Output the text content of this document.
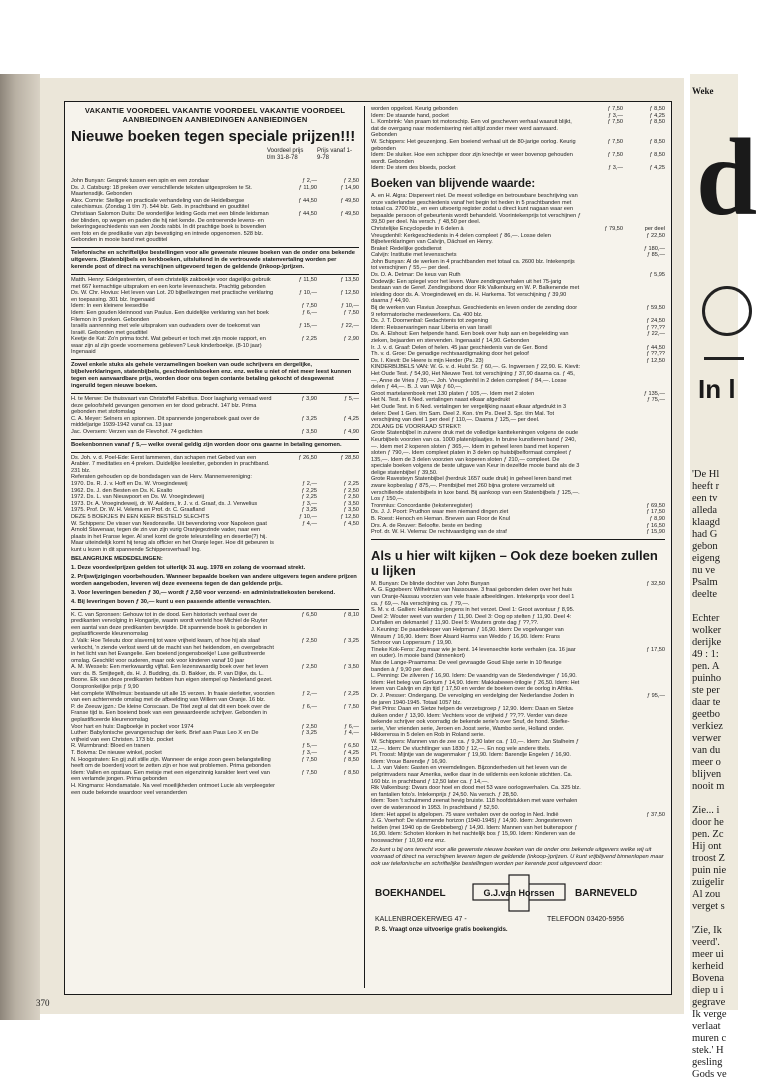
Weke
d
In l
'De Hl
heeft r
een tv
alleda
klaagd
had G
gebon
eigeng
nu ve
Psalm
deelte
Echter
wolker
derijke
49 : 1:
pen. A
puinho
ste per
daar te
geetbo
verkiez
verwer
van du
meer o
blijven
nooit m
Zie... i
door he
pen. Zc
Hij ont
troost Z
puin nie
zuigelir
Al zou
verget s
'Zie, Ik
veerd'.
meer ui
kerheid
Bovena
diep u i
gegrave
Ik verge
verlaat
muren c
stek.' H
gesling
Gods ve
VAKANTIE VOORDEEL VAKANTIE VOORDEEL VAKANTIE VOORDEEL
AANBIEDINGEN AANBIEDINGEN AANBIEDINGEN
Nieuwe boeken tegen speciale prijzen!!!
Voordeel prijs t/m 31-8-78
Prijs vanaf 1-9-78
John Bunyan: Gesprek tussen een spin en een zondaar	ƒ 2,—	ƒ 2,50
Ds. J. Catsburg: 18 preken over verschillende teksten uitgesproken te St. Maartensdijk. Gebonden
ƒ 11,90	ƒ 14,90
Alex. Comrie: Stellige en practicale verhandeling van de Heidelbergse catechismus. (Zondag 1 t/m 7). 544 blz. Geb. in prachtband en goudtitel
ƒ 44,50	ƒ 49,50
Christiaan Salomon Duits: De wonderlijke leiding Gods met een blinde leidsman der blinden, op wegen en paden die hij niet kende. De ontroerende levens- en bekeringsgeschiedenis van een Joods rabbi. In dit prachtige boek is bovendien een foto en de predikatie van zijn bevestiging en intrede opgenomen. 528 blz. Gebonden in mooie band met goudtitel
ƒ 44,50	ƒ 49,50
Telefonische en schriftelijke bestellingen voor alle gewenste nieuwe boeken van de onder ons bekende uitgevers. (Statenbijbels en kerkboeken, uitsluitend in de vertrouwde statenvertaling worden per kerende post of direct na verschijnen uitgevoerd tegen de geldende (inkoop-)prijzen.
Matth. Henry: Edelgesteenten, of een christelijk zakboekje voor dagelijks gebruik met 667 kernachtige uitspraken en een korte levensschets. Prachtig gebonden
ƒ 11,50	ƒ 13,50
Ds. W. Chr. Hovius: Het leven van Lot. 20 bijbellezingen met practische verklaring en toepassing. 301 blz. Ingenaaid
ƒ 10,—	ƒ 12,50
Idem: In een kleinere leeseditie	ƒ 7,50	ƒ 10,—
Idem: Een gouden kleinnood van Paulus. Een duidelijke verklaring van het boek Filemon in 9 preken. Gebonden
ƒ 6,—	ƒ 7,50
Israëls aanrenning met vele uitspraken van oudvaders over de toekomst van Israël. Gebonden met goudtitel
ƒ 15,—	ƒ 22,—
Keetje de Kat: Zo'n prima tocht. Wat gebeurt er toch met zijn mooie rapport, en waar zijn al zijn goede voornemens gebleven? Leuk kinderboekje. (8-10 jaar) Ingenaaid
ƒ 2,25	ƒ 2,90
Zowel enkele stuks als gehele verzamelingen boeken van oude schrijvers en dergelijke, bijbelverklaringen, statenbijbels, geschiedenisboeken enz. enz. welke u niet of niet meer leest kunnen tegen een aanvaardbare prijs, worden door ons tegen contante betaling gekocht of desgewenst ingeruild tegen nieuwe boeken.
H. te Merwe: De thuisvaart van Christoffel Fabritius. Door laagharig verraad werd deze geloofsheld gevangen genomen en ter dood gebracht. 147 blz. Prima gebonden met stofomslag
ƒ 3,90	ƒ 5,—
C. A. Meyer: Selners en spionnen. Dit spannende jongensboek gaat over de middeljarige 1939-1942 vanaf ca. 13 jaar
ƒ 3,25	ƒ 4,25
Jac. Oversem: Verzen van de Flevohof. 74 gedichten	ƒ 3,50	ƒ 4,90
Boekenbonnen vanaf ƒ 5,— welke overal geldig zijn worden door ons gaarne in betaling genomen.
Ds. Joh. v. d. Poel-Ede: Eerst lammeren, dan schapen met Gebed van een Arabier. 7 meditaties en 4 preken. Duidelijke leesletter, gebonden in prachtband. 231 blz.
ƒ 26,50	ƒ 28,50
Referaten gehouden op de bondsdagen van de Herv. Mannenvereniging:
1970. Ds. R. J. v. Hoff en Ds. W. Vroegindeweij	ƒ 2,—	ƒ 2,25
1962. Ds. J. den Besten en Ds. K. Exalto	ƒ 2,25	ƒ 2,50
1972. Ds. L. van Nieuwpoort en Ds. W. Vroegindeweij	ƒ 2,25	ƒ 2,50
1973. Dr. A. Vroegindeweij, dr. W. Aalders, Ir. J. v. d. Graaf, ds. J. Verwelius	ƒ 3,—	ƒ 3,50
1975. Prof. Dr. W. H. Velema en Prof. dr. C. Graafland	ƒ 3,25	ƒ 3,50
DEZE 5 BOEKJES IN EEN KEER BESTELD SLECHTS	ƒ 10,—	ƒ 12,50
W. Schippers: De visser van Nesdonsville. Uit bevendoring voor Napoleon gaat Arnold Stavenaar, tegen de zin van zijn vurig Oranjegezinde vader, naar een plaats in het Franse leger. Al snel komt de grote teleurstelling en desertie(?) hij. Maar uiteindelijk komt hij terug als officier en het Oranje leger. Hoe dit gebeuren is kunt u lezen in dit spannende Schippersverhaal! Ing.
ƒ 4,—	ƒ 4,50
BELANGRIJKE MEDEDELINGEN:
1. Deze voordeelprijzen gelden tot uiterlijk 31 aug. 1978 en zolang de voorraad strekt.
2. Prijswijzigingen voorbehouden. Wanneer bepaalde boeken van andere uitgevers tegen andere prijzen worden aangeboden, leveren wij deze eveneens tegen de dan geldende prijs.
3. Voor leveringen beneden ƒ 30,— wordt ƒ 2,50 voor verzend- en administratiekosten berekend.
4. Bij leveringen boven ƒ 30,— kunt u een passende attentie verwachten.
K. C. van Spronsen: Gehouw tot in de dood. Een historisch verhaal over de predikanten vervolging in Hongarije, waarin wordt verteld hoe Michiel de Ruyter een aantal van deze predikanten bevrijdde. Dit spannende boek is gebonden in geplastificeerde kleurenomslag
ƒ 6,50	ƒ 8,10
J. Valk: Hoe Teleutu door slavernij tot ware vrijheid kwam, of hoe hij als slaaf verkocht, 'n ziende verlost werd uit de macht van het heidendom, en overgebracht in het licht van het Evangelie. Een boeiend jongensboekje! Luxe geïllustreerde omslag. Geschikt voor ouderen, maar ook voor kinderen vanaf 10 jaar
ƒ 2,50	ƒ 3,25
A. M. Wessels: Een merkwaardig vijftal. Een lezenswaardig boek over het leven van: ds. B. Smijtegelt, ds. H. J. Budding, ds. D. Bakker, ds. P. van Dijke, ds. L. Boone. Elk van deze predikanten hebben hun eigen stempel op Nederland gezet. Oorspronkelijke prijs ƒ 9,90
ƒ 2,50	ƒ 3,50
Het complete Wilhelmus: bestaande uit alle 15 verzen. In fraaie sierletter, voorzien van een achterrende omslag met de afbeelding van Willem van Oranje. 16 blz.
ƒ 2,—	ƒ 2,25
P. de Zeeuw jgzn.: De kleine Conscaan. De Titel zegt al dat dit een boek over de Franse tijd is. Een boeiend boek van een gewaardeerde schrijver. Gebonden in geplastificeerde kleurenomslag
ƒ 6,—	ƒ 7,50
Voor hart en huis: Dagboekje in pocket voor 1974	ƒ 2,50	ƒ 6,—
Luther: Babylonische gevangenschap der kerk. Brief aan Paus Leo X en De vrijheid van een Christen. 173 blz. pocket
ƒ 3,25	ƒ 4,—
R. Wurmbrand: Bloed en tranen	ƒ 5,—	ƒ 6,50
T. Boivma: De nieuwe winkel, pocket	ƒ 3,—	ƒ 4,25
N. Hoogstraten: En gij zult stille zijn. Wanneer de enige zoon geen belangstelling heeft om de boerderij voort te zetten zijn er hoe wat problemen. Prima gebonden
ƒ 7,50	ƒ 8,50
Idem: Vallen en opstaan. Een meisje met een eigenzinnig karakter leert veel van een verlamde jongen. Prima gebonden
ƒ 7,50	ƒ 8,50
H. Kingmans: Hondamatale. Na veel moeilijkheden ontmoet Lucie als verpleegster een oude bekende waardoor veel veranderden
worden opgelost. Keurig gebonden	ƒ 7,50	ƒ 8,50
Idem: De staande hand, pocket	ƒ 3,—	ƒ 4,25
L. Kombrink: Van praam tot motorschip. Een vol gescheven verhaal waaruit blijkt, dat de overgang naar modernisering niet altijd zonder meer werd aanvaard. Gebonden
ƒ 7,50	ƒ 8,50
W. Schippers: Het geuzenjong. Een boeiend verhaal uit de 80-jarige oorlog. Keurig gebonden
ƒ 7,50	ƒ 8,50
Idem: De sluiker. Hoe een schipper door zijn knechtje er weer bovenop gehouden wordt. Gebonden
ƒ 7,50	ƒ 8,50
Idem: De stem des bloeds, pocket	ƒ 3,—	ƒ 4,25
Boeken van blijvende waarde:
A. en H. Algra: Dispereert niet. De meest volledige en betrouwbare beschrijving van onze vaderlandse geschiedenis vanaf het begin tot heden in 5 prachtbanden met totaal ca. 2700 blz., en een uitvoerig register zodat u direct kunt nagaan waar een bepaalde persoon of gebeurtenis wordt behandeld. Voorintekenprijs tot verschijnen ƒ 39,50 per deel. Na versch. ƒ 48,50 per deel.
Christelijke Encyclopedie in 6 delen à	ƒ 79,50	per deel
Vreugdenhil: Kerkgeschiedenis in 4 delen compleet ƒ 86,—. Losse delen	ƒ 22,50
Bijbelverklaringen van Calvijn, Dächsel en Henry.
Brakel: Redelijke godsdienst	ƒ 180,—
Calvijn: Institutie met levensschets	ƒ 85,—
John Bunyan: Al de werken in 4 prachtbanden met totaal ca. 2600 blz. Intekenprijs tot verschijnen ƒ 55,— per deel.
Ds. D. A. Detmar: De keus van Ruth	ƒ 5,95
Dodewijk: Een spiegel voor het leven. Ware zendingsverhalen uit het 75-jarig bestaan van de Geref. Zendingsbond door Rik Valkenburg en W. P. Balkenende met inleiding door ds. A. Vroegindeweij en ds. H. Harkema. Tot verschijning ƒ 39,90 daarna ƒ 44,90.
Bij de werken van Flavius Josephus. Geschiedenis en leven onder de zending door 9 reformatorische medewerkers. Ca. 400 blz.
ƒ 59,50
Ds. J. T. Doornenbal: Gedachtenis tot zegening	ƒ 24,50
Idem: Reisservaringen naar Liberia en van Israël	ƒ ??,??
Ds. A. Elshout: Een helpende hand. Een boek over hulp aan en begeleiding van zieken, bejaarden en stervenden. Ingenaaid ƒ 14,90. Gebonden
ƒ 22,—
Ir. J. v. d. Graaf: Delen of helen. 45 jaar geschiedenis van de Ger. Bond	ƒ 44,50
Th. v. d. Groe: De genadige rechtvaardigmaking door het geloof	ƒ ??,??
Ds. I. Kievit: De Heere is mijn Herder (Ps. 23)	ƒ 12,50
KINDERBIJBELS VAN: W. G. v. d. Hulst Sr. ƒ 60,—. G. Ingwersen ƒ 22,90. E. Kievit: Het Oude Test. ƒ 54,90, Het Nieuwe Test. tot verschijning ƒ 37,90 daarna ca. ƒ 45,—, Anne de Vries ƒ 39,—. Joh. Vreugdenhil in 2 delen compleet ƒ 84,—. Losse delen ƒ 44,—. B. J. van Wijk ƒ 60,—.
Groot martelarenboek met 130 platen ƒ 105,—. Idem met 2 sloten	ƒ 135,—
Het N. Test. in 6 Ned. vertalingen naast elkaar afgedrukt	ƒ 75,—
Het Oude Test. in 6 Ned. vertalingen ter vergelijking naast elkaar afgedrukt in 3 delen: Deel 1 Gen. t/m Sam. Deel 2. Kon. t/m Ps. Deel 3. Spr. t/m Mal. Tot verschijning van deel 1 per deel ƒ 110,—. Daarna ƒ 125,— per deel.
ZOLANG DE VOORRAAD STREKT:
Grote Statenbijbel in zuivere druk met de volledige kanttekeningen volgens de oude Keurbijbels voorzien van ca. 1000 platen/plaatjes. In bruine kunstleren band ƒ 240,—. Idem met 2 koperen sloten ƒ 365,—. Idem in geheel leren band met koperen sloten ƒ 790,—. Idem compleet platen in 3 delen op huisbijbelformaat compleet ƒ 135,—. Idem de 3 delen voorzien van koperen sloten ƒ 210,— compleet. De speciale boeken volgens de beste uitgave van Keur in dezelfde mooie band als de 3 delige statenbijbel ƒ 39,50.
Grote Ravesteyn Statenbijbel (herdruk 1657 oude druk) in geheel leren band met zware kopbeslag ƒ 875,—. Prentbijbel met 260 bijna grotere verzameld uit verschillende statenbijbels in luxe band. Bij aankoop van een Statenbijbels ƒ 125,—. Los ƒ 150,—.
Tronmius: Concordantie (tekstenregister)	ƒ 69,50
Ds. J. J. Poort: Prudhon waar men niemand dingen ziet	ƒ 17,50
B. Roest: Henoch en Heman. Bneven aan Floor de Knul	ƒ 8,90
Drs. A. de Reuver: Beloofte. beste en beding	ƒ 16,50
Prof. dr. W. H. Velema: De rechtvaardiging van de straf	ƒ 15,90
Als u hier wilt kijken – Ook deze boeken zullen u lijken
M. Bunyan: De blinde dochter van John Bunyan	ƒ 32,50
A. G. Eggebeen: Wilhelmus van Nassouwe. 3 fraai gebonden delen over het huis van Oranje-Nassau voorzien van vele fraaie afbeeldingen. Intekenprijs voor deel 1 ca. ƒ 69,—. Na verschijning ca. ƒ 79,—.
S. M. v. d. Gallien: Hollandse jongens in het verzet. Deel 1: Groot avontuur ƒ 8,95. Deel 2: Wouter weet van warden ƒ 11,90. Deel 3: Oog op stelten ƒ 11,90. Deel 4: Durfallen en dekmantel ƒ 11,90. Deel 5: Wouters grote dag ƒ ??,??.
J. Keuning: De paardekoper van Helpman ƒ 16,90. Idem: De vogelvanger van Winsum ƒ 16,90. Idem: Boer Alsard Harms van Weddo ƒ 16,90. Idem: Frans Schroor van Loppersum ƒ 19,90.
Tineke Kok-Fens: Zeg maar wie je bent. 14 levensechte korte verhalen (ca. 16 jaar en ouder). In mooie band (binnenkort)
ƒ 17,50
Max de Lange-Praamsma: De veel gevraagde Goud Elsje serie in 10 fleurige banden à ƒ 9,90 per deel.
L. Penning: De zilveren ƒ 16,90. Idem: De vaandrig van de Stedendwinger ƒ 16,90. Idem: Het beleg van Gorkum ƒ 14,90. Idem: Makkabeeen-trilogie ƒ 26,50. Idem: Het leven van Calvijn en zijn tijd ƒ 17,50 en verder de boeken over de oorlog in Afrika.
Dr. J. Presser: Ondergang. De vervolging en verdelging der Nederlandse Joden in de jaren 1940-1945. Totaal 1057 blz.
ƒ 95,—
Piet Prins: Daan en Sietze helpen de verzetsgroep ƒ 12,90. Idem: Daan en Sietze duiken onder ƒ 13,90. Idem: Vechters voor de vrijheid ƒ ??,??. Verder van deze bekende schrijver ook voorradig de bekende serie's over Snuf, de hond. Stiefke-serie, Vier vrienden serie, Jeroen en Joost serie, Wambo serie, Holland onder. Hikkerensa in 5 delen en Rob in Roland serie.
W. Schippers: Mannen van de zee ca. ƒ 9,30 later ca. ƒ 10,—. Idem: Jan Stalheim ƒ 12,—. Idem: De vluchtlinger van 1830 ƒ 12,—. En nog vele andere titels.
Pl. Troost: Mijntje van de wagenmaker ƒ 19,90. Idem: Barendje Engelen ƒ 16,90. Idem: Vroue Barendje ƒ 16,90.
L. J. van Valen: Gasten en vreemdelingen. Bijzonderheden uit het leven van de pelgrimvaders naar Amerika, welke daar in de wildernis een kolonie stichtten. Ca. 160 blz. in prachtband ƒ 12,50 later ca. ƒ 14,—.
Rik Valkenburg: Dwars door hoel en dood met 53 ware oorlogsverhalen. Ca. 325 blz. en fantalien foto's. Intekenprijs ƒ 24,50. Na versch. ƒ 28,50.
Idem: Toen 't schuimend zeenat hevig bruiste. 118 hoofdstukken met ware verhalen over de watersnood in 1953. In prachtband ƒ 52,50.
Idem: Het appel is afgelopen. 75 ware verhalen over de oorlog in Ned. Indië	ƒ 37,50
J. G. Voerhof: De vlammende horizon (1940-1945) ƒ 14,90. Idem: Jongesteroven helden (mei 1940 op de Grebbeberg) ƒ 14,90. Idem: Mannen van het buitenspoor ƒ 16,90. Idem: Schoten klonken in het nachtelijk bos ƒ 15,90. Idem: Kinderen van de hooswachter ƒ 10,90 enz enz.
Zo kunt u bij ons terecht voor alle gewenste nieuwe boeken van de onder ons bekende uitgevers welke wij uit voorraad of direct na verschijnen leveren tegen de geldende (inkoop-)prijzen. U kunt vrijblijvend binnenlopen maar ook uw telefonische en schriftelijke bestellingen worden per kerende post uitgevoerd door:
BOEKHANDEL	G.J.van Horssen BARNEVELD
KALLENBROEKERWEG 47 -	TELEFOON 03420-5956
P. S. Vraagt onze uitvoerige gratis boekengids.
370
